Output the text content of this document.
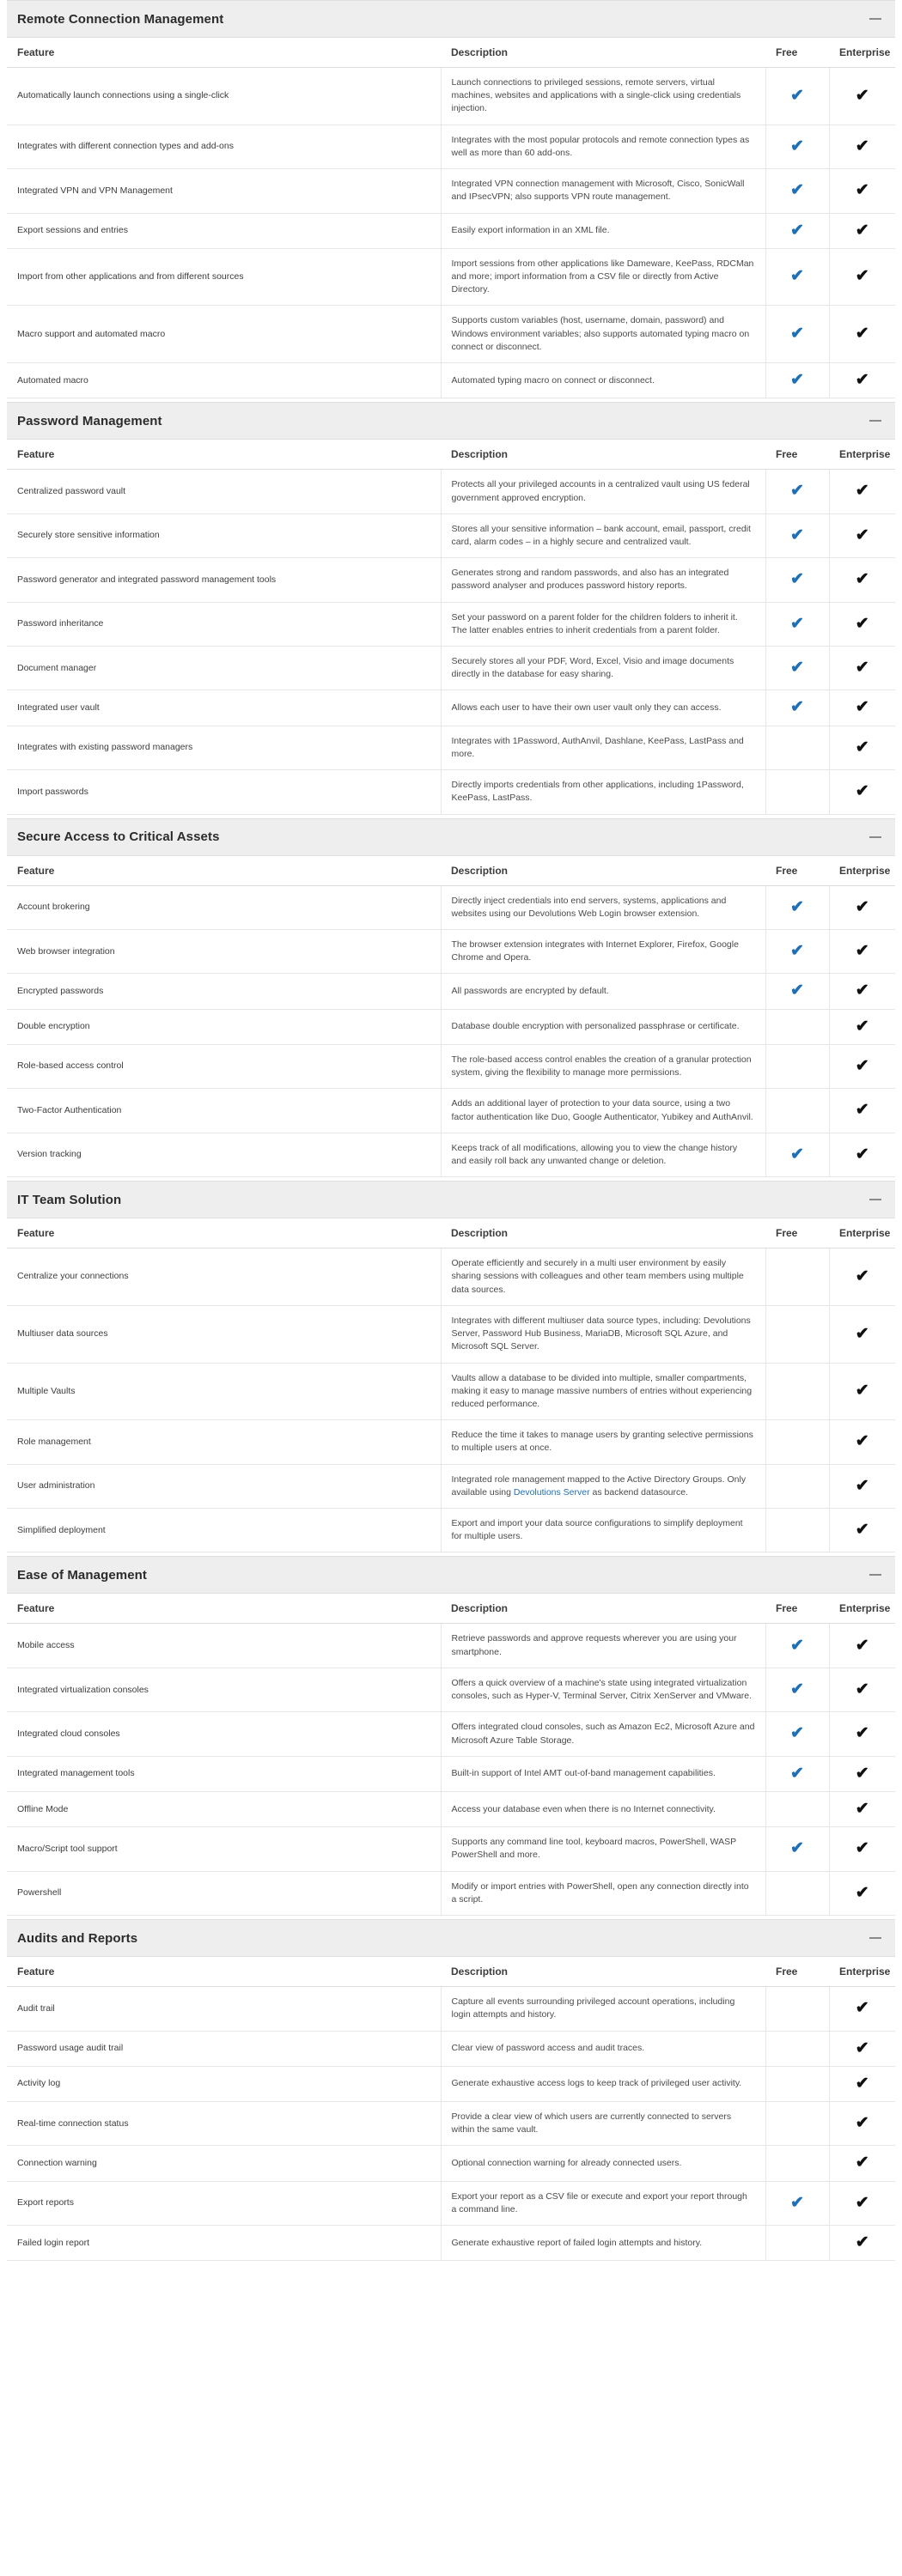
Remote Connection Management
Feature	Description	Free	Enterprise
Automatically launch connections using a single-click	Launch connections to privileged sessions, remote servers, virtual machines, websites and applications with a single-click using credentials injection.	✔	✔
Integrates with different connection types and add-ons	Integrates with the most popular protocols and remote connection types as well as more than 60 add-ons.	✔	✔
Integrated VPN and VPN Management	Integrated VPN connection management with Microsoft, Cisco, SonicWall and IPsecVPN; also supports VPN route management.	✔	✔
Export sessions and entries	Easily export information in an XML file.	✔	✔
Import from other applications and from different sources	Import sessions from other applications like Dameware, KeePass, RDCMan and more; import information from a CSV file or directly from Active Directory.	✔	✔
Macro support and automated macro	Supports custom variables (host, username, domain, password) and Windows environment variables; also supports automated typing macro on connect or disconnect.	✔	✔
Automated macro	Automated typing macro on connect or disconnect.	✔	✔
Password Management
Feature	Description	Free	Enterprise
Centralized password vault	Protects all your privileged accounts in a centralized vault using US federal government approved encryption.	✔	✔
Securely store sensitive information	Stores all your sensitive information – bank account, email, passport, credit card, alarm codes – in a highly secure and centralized vault.	✔	✔
Password generator and integrated password management tools	Generates strong and random passwords, and also has an integrated password analyser and produces password history reports.	✔	✔
Password inheritance	Set your password on a parent folder for the children folders to inherit it. The latter enables entries to inherit credentials from a parent folder.	✔	✔
Document manager	Securely stores all your PDF, Word, Excel, Visio and image documents directly in the database for easy sharing.	✔	✔
Integrated user vault	Allows each user to have their own user vault only they can access.	✔	✔
Integrates with existing password managers	Integrates with 1Password, AuthAnvil, Dashlane, KeePass, LastPass and more.		✔
Import passwords	Directly imports credentials from other applications, including 1Password, KeePass, LastPass.		✔
Secure Access to Critical Assets
Feature	Description	Free	Enterprise
Account brokering	Directly inject credentials into end servers, systems, applications and websites using our Devolutions Web Login browser extension.	✔	✔
Web browser integration	The browser extension integrates with Internet Explorer, Firefox, Google Chrome and Opera.	✔	✔
Encrypted passwords	All passwords are encrypted by default.	✔	✔
Double encryption	Database double encryption with personalized passphrase or certificate.		✔
Role-based access control	The role-based access control enables the creation of a granular protection system, giving the flexibility to manage more permissions.		✔
Two-Factor Authentication	Adds an additional layer of protection to your data source, using a two factor authentication like Duo, Google Authenticator, Yubikey and AuthAnvil.		✔
Version tracking	Keeps track of all modifications, allowing you to view the change history and easily roll back any unwanted change or deletion.	✔	✔
IT Team Solution
Feature	Description	Free	Enterprise
Centralize your connections	Operate efficiently and securely in a multi user environment by easily sharing sessions with colleagues and other team members using multiple data sources.		✔
Multiuser data sources	Integrates with different multiuser data source types, including: Devolutions Server, Password Hub Business, MariaDB, Microsoft SQL Azure, and Microsoft SQL Server.		✔
Multiple Vaults	Vaults allow a database to be divided into multiple, smaller compartments, making it easy to manage massive numbers of entries without experiencing reduced performance.		✔
Role management	Reduce the time it takes to manage users by granting selective permissions to multiple users at once.		✔
User administration	Integrated role management mapped to the Active Directory Groups. Only available using Devolutions Server as backend datasource.		✔
Simplified deployment	Export and import your data source configurations to simplify deployment for multiple users.		✔
Ease of Management
Feature	Description	Free	Enterprise
Mobile access	Retrieve passwords and approve requests wherever you are using your smartphone.	✔	✔
Integrated virtualization consoles	Offers a quick overview of a machine's state using integrated virtualization consoles, such as Hyper-V, Terminal Server, Citrix XenServer and VMware.	✔	✔
Integrated cloud consoles	Offers integrated cloud consoles, such as Amazon Ec2, Microsoft Azure and Microsoft Azure Table Storage.	✔	✔
Integrated management tools	Built-in support of Intel AMT out-of-band management capabilities.	✔	✔
Offline Mode	Access your database even when there is no Internet connectivity.		✔
Macro/Script tool support	Supports any command line tool, keyboard macros, PowerShell, WASP PowerShell and more.	✔	✔
Powershell	Modify or import entries with PowerShell, open any connection directly into a script.		✔
Audits and Reports
Feature	Description	Free	Enterprise
Audit trail	Capture all events surrounding privileged account operations, including login attempts and history.		✔
Password usage audit trail	Clear view of password access and audit traces.		✔
Activity log	Generate exhaustive access logs to keep track of privileged user activity.		✔
Real-time connection status	Provide a clear view of which users are currently connected to servers within the same vault.		✔
Connection warning	Optional connection warning for already connected users.		✔
Export reports	Export your report as a CSV file or execute and export your report through a command line.	✔	✔
Failed login report	Generate exhaustive report of failed login attempts and history.		✔
